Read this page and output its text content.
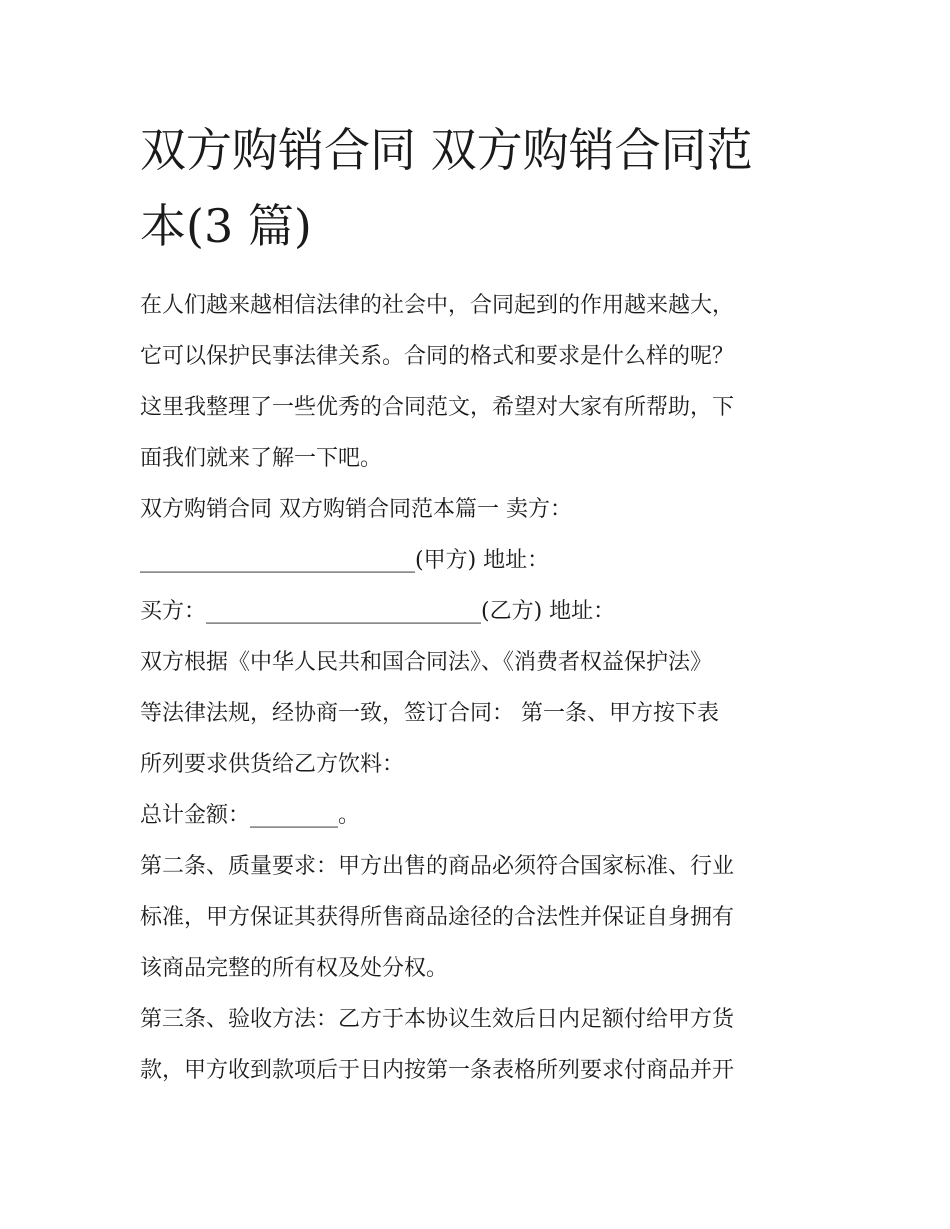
双方购销合同 双方购销合同范
本(3 篇)

在人们越来越相信法律的社会中，合同起到的作用越来越大，
它可以保护民事法律关系。合同的格式和要求是什么样的呢？
这里我整理了一些优秀的合同范文，希望对大家有所帮助，下
面我们就来了解一下吧。

双方购销合同 双方购销合同范本篇一 卖方：

_________________________(甲方) 地址：

买方：_________________________(乙方) 地址：

双方根据《中华人民共和国合同法》、《消费者权益保护法》
等法律法规，经协商一致，签订合同： 第一条、甲方按下表
所列要求供货给乙方饮料：

总计金额：________。

第二条、质量要求：甲方出售的商品必须符合国家标准、行业
标准，甲方保证其获得所售商品途径的合法性并保证自身拥有
该商品完整的所有权及处分权。

第三条、验收方法：乙方于本协议生效后日内足额付给甲方货
款，甲方收到款项后于日内按第一条表格所列要求付商品并开
